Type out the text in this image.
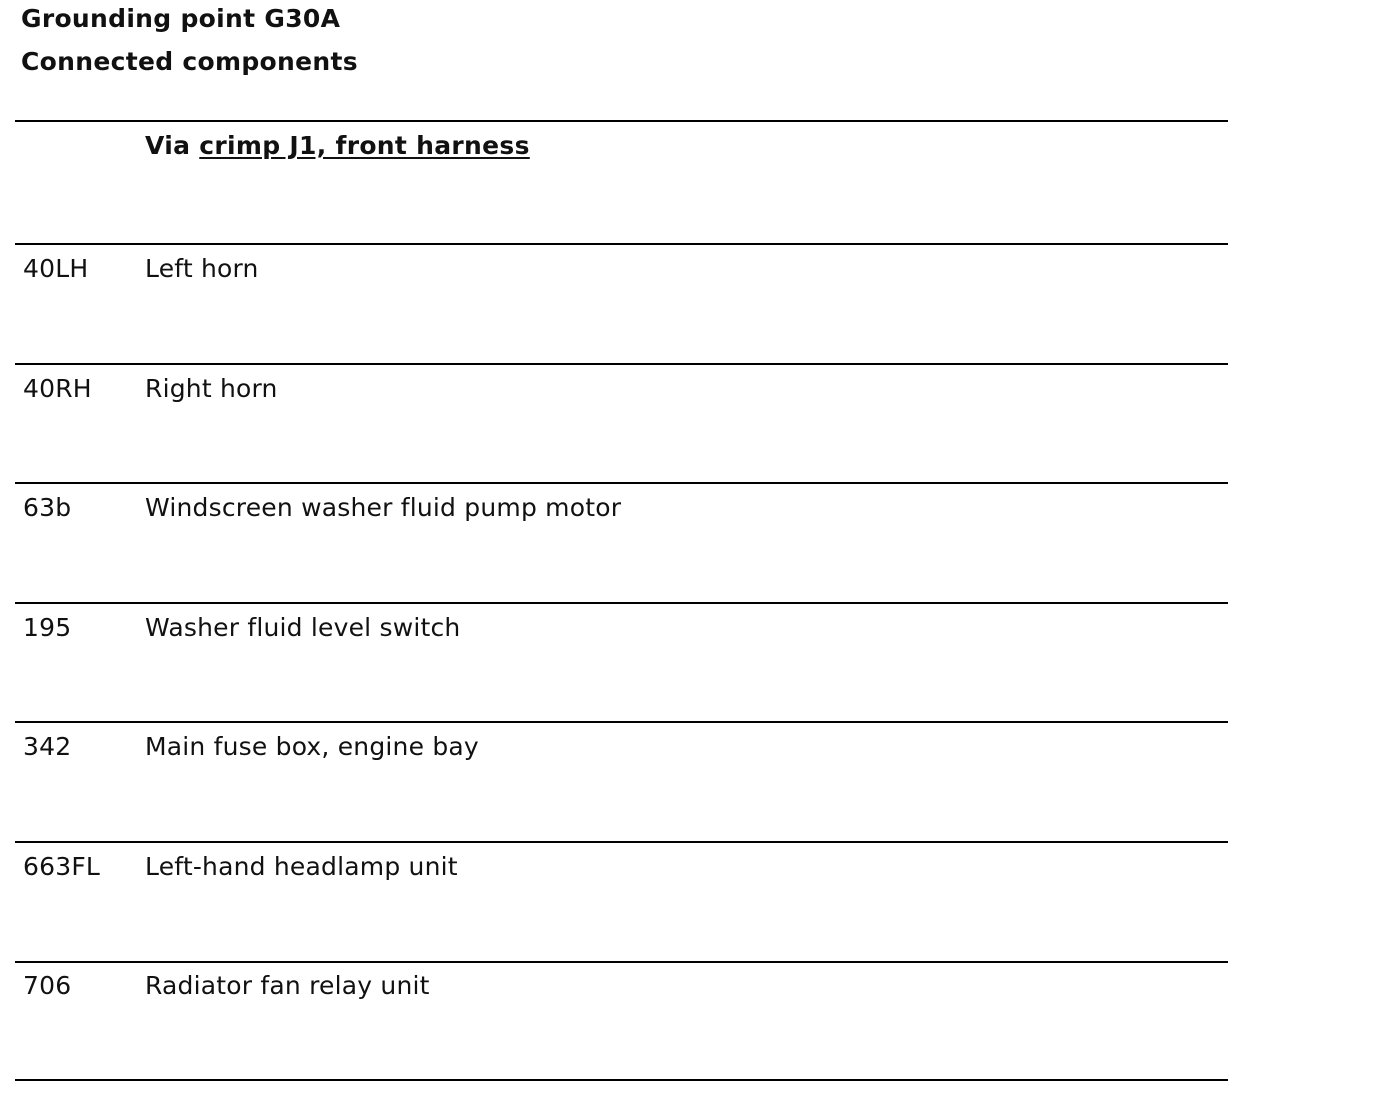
Grounding point G30A
Connected components
Via crimp J1, front harness
40LH Left horn
40RH Right horn
63b	Windscreen washer fluid pump motor
195	Washer fluid level switch
342	Main fuse box, engine bay
663FL Left-hand headlamp unit
706	Radiator fan relay unit
